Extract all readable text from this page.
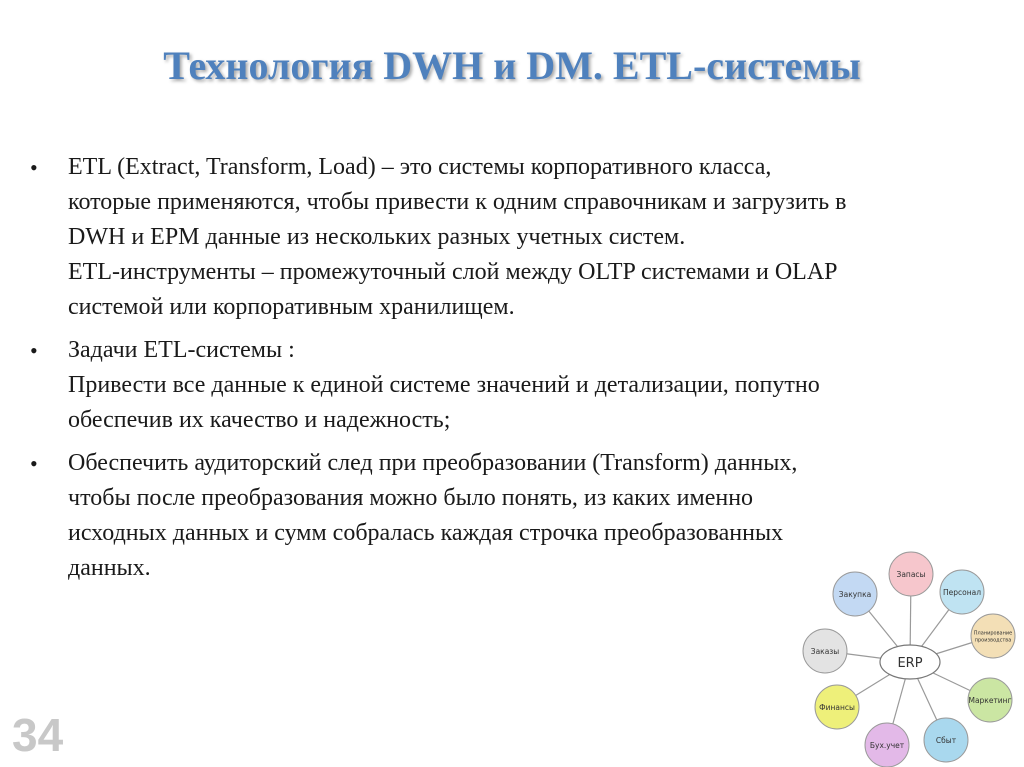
Технология DWH и DM. ETL-системы
•	ETL (Extract, Transform, Load) – это системы корпоративного класса,
которые применяются, чтобы привести к одним справочникам и загрузить в
DWH и EPM данные из нескольких разных учетных систем.
ETL-инструменты – промежуточный слой между OLTP системами и OLAP
системой или корпоративным хранилищем.
•	Задачи ETL-системы :
Привести все данные к единой системе значений и детализации, попутно
обеспечив их качество и надежность;
•	Обеспечить аудиторский след при преобразовании (Transform) данных,
чтобы после преобразования можно было понять, из каких именно
исходных данных и сумм собралась каждая строчка преобразованных
данных.
34
Запасы
Персонал
Планирование
производства
Маркетинг
Сбыт
Бух.учет
Финансы
Заказы
Закупка
ERP
